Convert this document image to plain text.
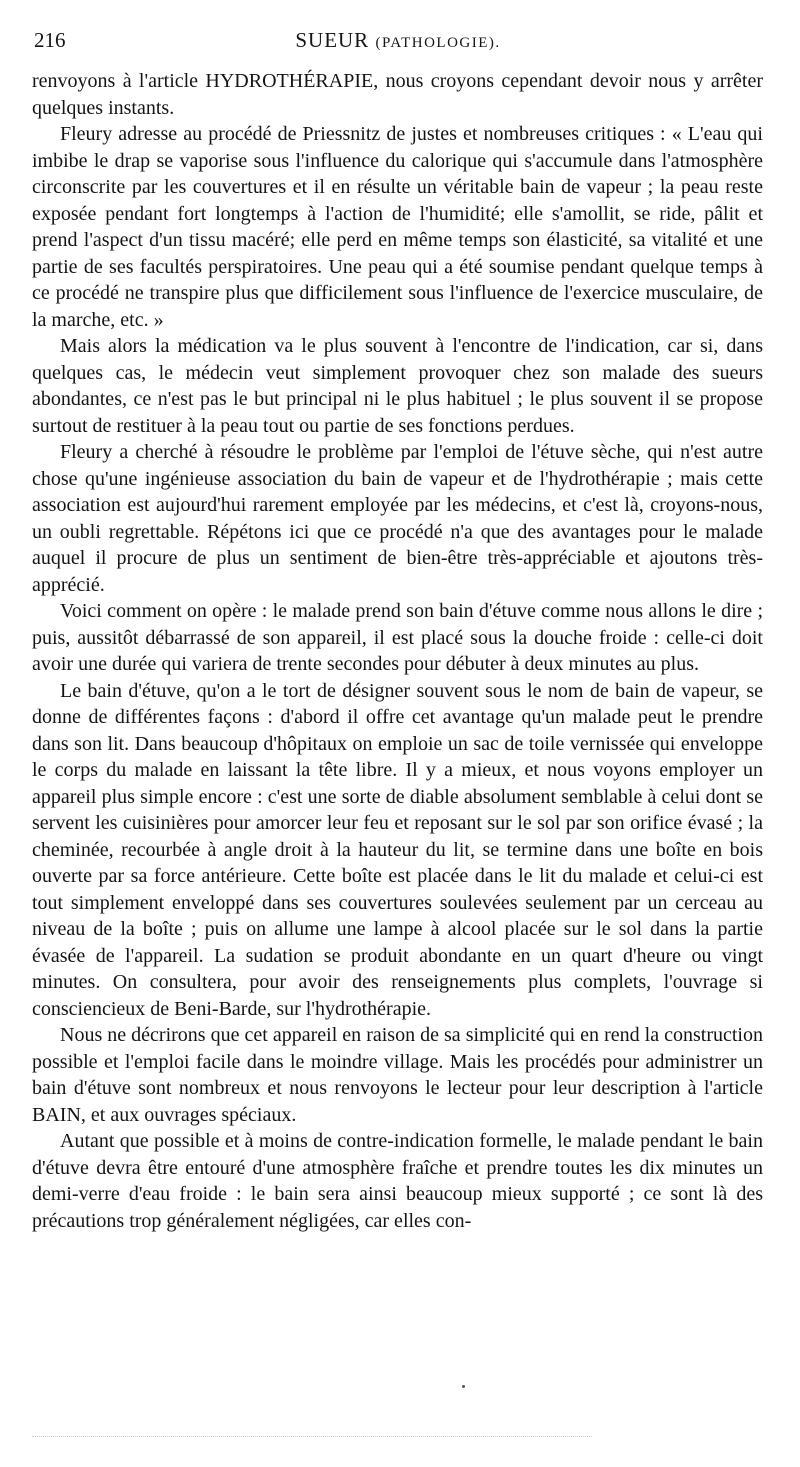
216	SUEUR (PATHOLOGIE).

renvoyons à l'article HYDROTHÉRAPIE, nous croyons cependant devoir nous y arrêter quelques instants.

Fleury adresse au procédé de Priessnitz de justes et nombreuses critiques : « L'eau qui imbibe le drap se vaporise sous l'influence du calorique qui s'accumule dans l'atmosphère circonscrite par les couvertures et il en résulte un véritable bain de vapeur ; la peau reste exposée pendant fort longtemps à l'action de l'humidité; elle s'amollit, se ride, pâlit et prend l'aspect d'un tissu macéré; elle perd en même temps son élasticité, sa vitalité et une partie de ses facultés perspiratoires. Une peau qui a été soumise pendant quelque temps à ce procédé ne transpire plus que difficilement sous l'influence de l'exercice musculaire, de la marche, etc. »

Mais alors la médication va le plus souvent à l'encontre de l'indication, car si, dans quelques cas, le médecin veut simplement provoquer chez son malade des sueurs abondantes, ce n'est pas le but principal ni le plus habituel ; le plus souvent il se propose surtout de restituer à la peau tout ou partie de ses fonctions perdues.

Fleury a cherché à résoudre le problème par l'emploi de l'étuve sèche, qui n'est autre chose qu'une ingénieuse association du bain de vapeur et de l'hydrothérapie ; mais cette association est aujourd'hui rarement employée par les médecins, et c'est là, croyons-nous, un oubli regrettable. Répétons ici que ce procédé n'a que des avantages pour le malade auquel il procure de plus un sentiment de bien-être très-appréciable et ajoutons très-apprécié.

Voici comment on opère : le malade prend son bain d'étuve comme nous allons le dire ; puis, aussitôt débarrassé de son appareil, il est placé sous la douche froide : celle-ci doit avoir une durée qui variera de trente secondes pour débuter à deux minutes au plus.

Le bain d'étuve, qu'on a le tort de désigner souvent sous le nom de bain de vapeur, se donne de différentes façons : d'abord il offre cet avantage qu'un malade peut le prendre dans son lit. Dans beaucoup d'hôpitaux on emploie un sac de toile vernissée qui enveloppe le corps du malade en laissant la tête libre. Il y a mieux, et nous voyons employer un appareil plus simple encore : c'est une sorte de diable absolument semblable à celui dont se servent les cuisinières pour amorcer leur feu et reposant sur le sol par son orifice évasé ; la cheminée, recourbée à angle droit à la hauteur du lit, se termine dans une boîte en bois ouverte par sa force antérieure. Cette boîte est placée dans le lit du malade et celui-ci est tout simplement enveloppé dans ses couvertures soulevées seulement par un cerceau au niveau de la boîte ; puis on allume une lampe à alcool placée sur le sol dans la partie évasée de l'appareil. La sudation se produit abondante en un quart d'heure ou vingt minutes. On consultera, pour avoir des renseignements plus complets, l'ouvrage si consciencieux de Beni-Barde, sur l'hydrothérapie.

Nous ne décrirons que cet appareil en raison de sa simplicité qui en rend la construction possible et l'emploi facile dans le moindre village. Mais les procédés pour administrer un bain d'étuve sont nombreux et nous renvoyons le lecteur pour leur description à l'article BAIN, et aux ouvrages spéciaux.

Autant que possible et à moins de contre-indication formelle, le malade pendant le bain d'étuve devra être entouré d'une atmosphère fraîche et prendre toutes les dix minutes un demi-verre d'eau froide : le bain sera ainsi beaucoup mieux supporté ; ce sont là des précautions trop généralement négligées, car elles con-
